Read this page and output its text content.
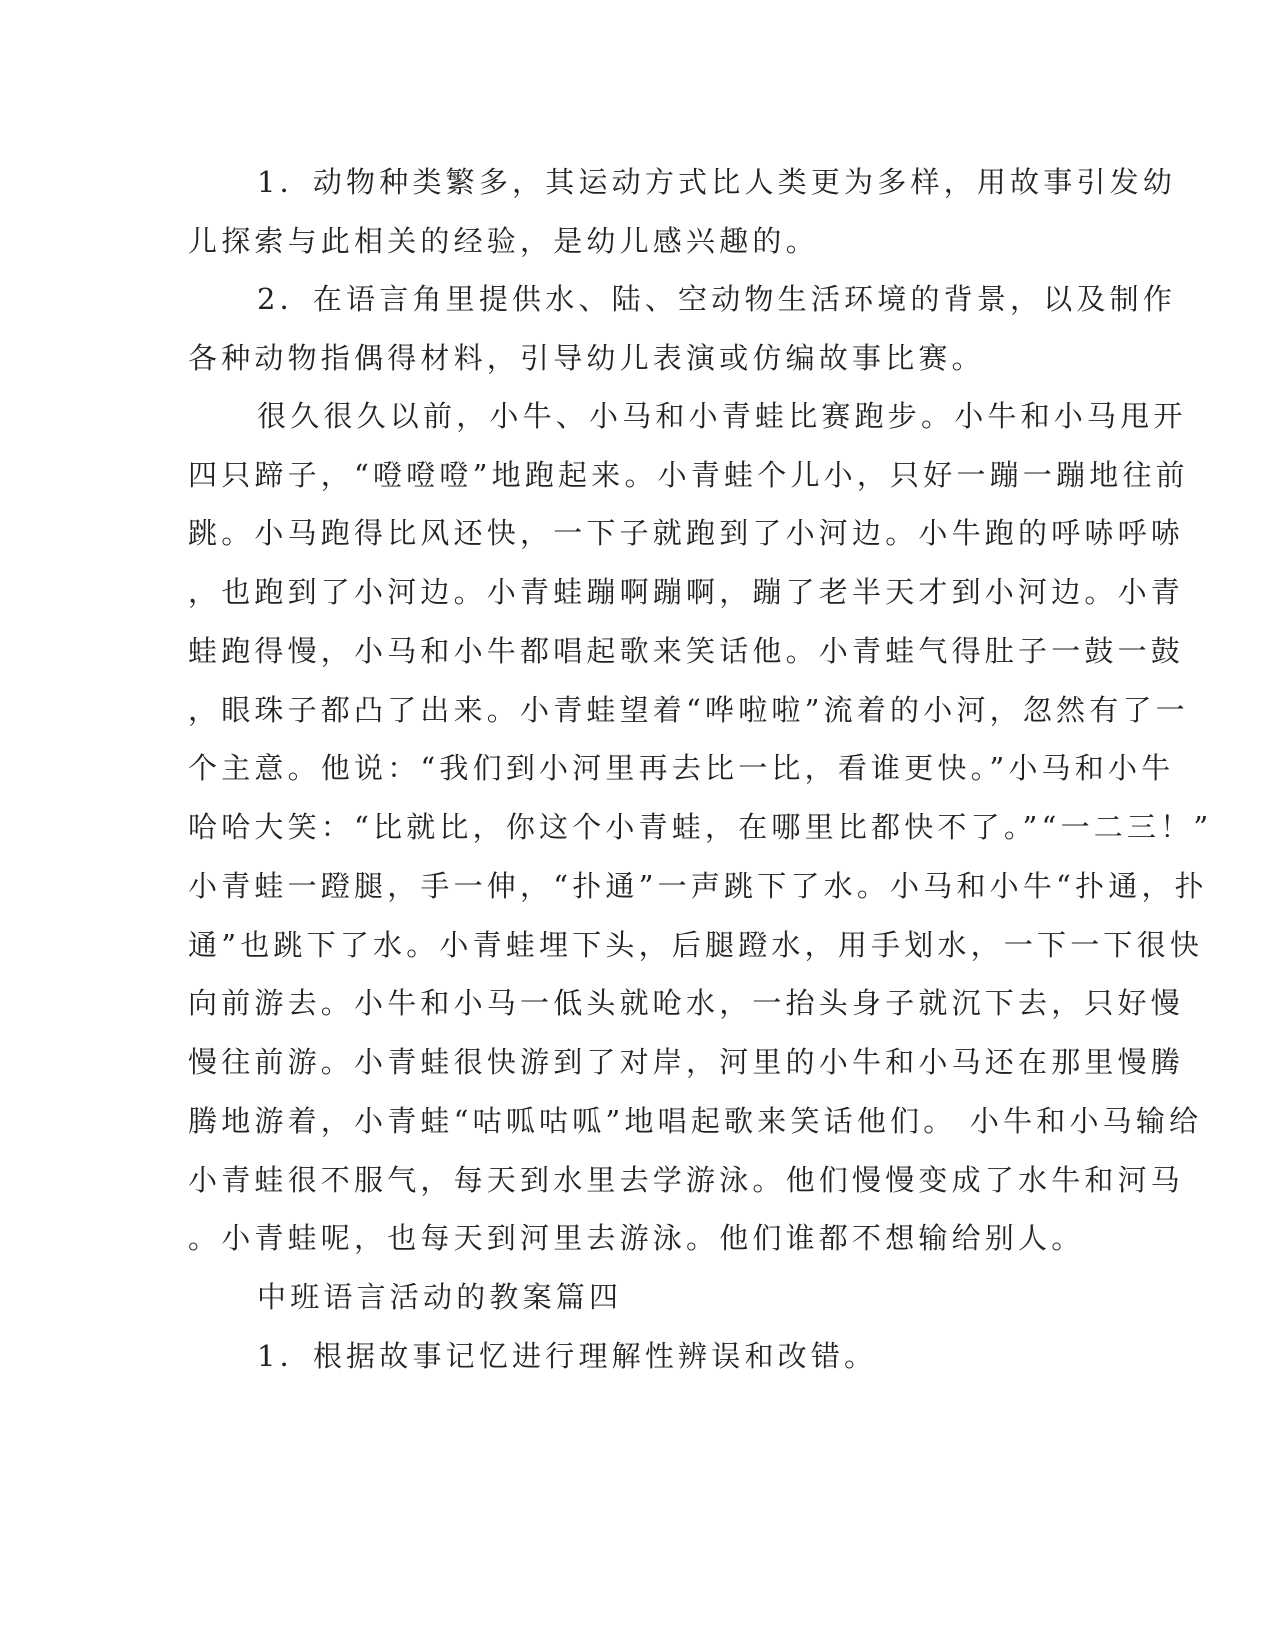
1．动物种类繁多，其运动方式比人类更为多样，用故事引发幼
儿探索与此相关的经验，是幼儿感兴趣的。
2．在语言角里提供水、陆、空动物生活环境的背景，以及制作
各种动物指偶得材料，引导幼儿表演或仿编故事比赛。
很久很久以前，小牛、小马和小青蛙比赛跑步。小牛和小马甩开
四只蹄子，“噔噔噔”地跑起来。小青蛙个儿小，只好一蹦一蹦地往前
跳。小马跑得比风还快，一下子就跑到了小河边。小牛跑的呼哧呼哧
，也跑到了小河边。小青蛙蹦啊蹦啊，蹦了老半天才到小河边。小青
蛙跑得慢，小马和小牛都唱起歌来笑话他。小青蛙气得肚子一鼓一鼓
，眼珠子都凸了出来。小青蛙望着“哗啦啦”流着的小河，忽然有了一
个主意。他说：“我们到小河里再去比一比，看谁更快。”小马和小牛
哈哈大笑：“比就比，你这个小青蛙，在哪里比都快不了。”“一二三！”
小青蛙一蹬腿，手一伸，“扑通”一声跳下了水。小马和小牛“扑通，扑
通”也跳下了水。小青蛙埋下头，后腿蹬水，用手划水，一下一下很快
向前游去。小牛和小马一低头就呛水，一抬头身子就沉下去，只好慢
慢往前游。小青蛙很快游到了对岸，河里的小牛和小马还在那里慢腾
腾地游着，小青蛙“咕呱咕呱”地唱起歌来笑话他们。 小牛和小马输给
小青蛙很不服气，每天到水里去学游泳。他们慢慢变成了水牛和河马
。小青蛙呢，也每天到河里去游泳。他们谁都不想输给别人。
中班语言活动的教案篇四
1．根据故事记忆进行理解性辨误和改错。
